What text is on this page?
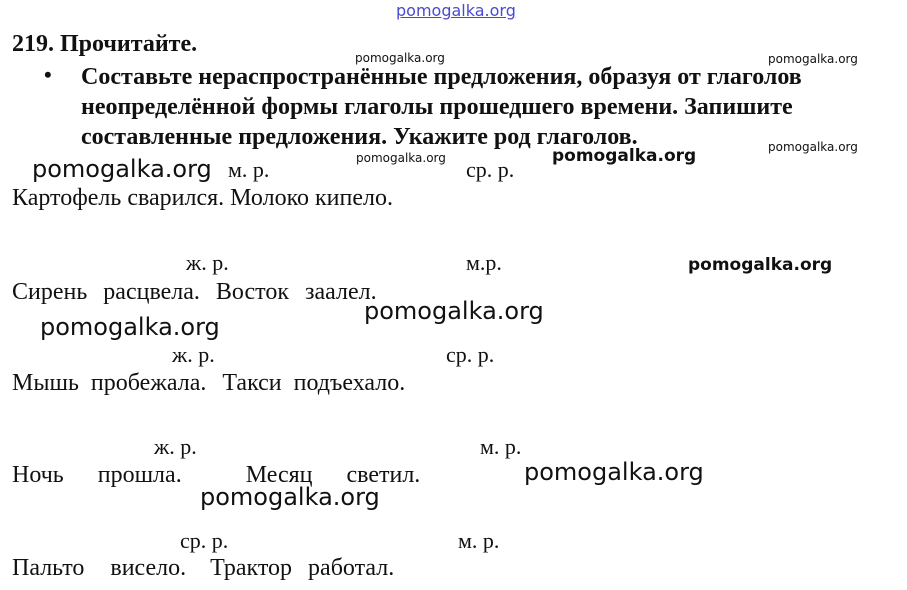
pomogalka.org
219. Прочитайте.
• Составьте нераспространённые предложения, образуя от глаголов неопределённой формы глаголы прошедшего времени. Запишите составленные предложения. Укажите род глаголов.
м. р.	ср. р.
Картофель сварился. Молоко кипело.
ж. р.	м.р.
Сирень расцвела. Восток заалел.
ж. р.	ср. р.
Мышь пробежала. Такси подъехало.
ж. р.	м. р.
Ночь прошла.	Месяц светил.
ср. р.	м. р.
Пальто висело. Трактор работал.
pomogalka.org	pomogalka.org
pomogalka.org
pomogalka.org
pomogalka.org
pomogalka.org
pomogalka.org
pomogalka.org
pomogalka.org
pomogalka.org
pomogalka.org
